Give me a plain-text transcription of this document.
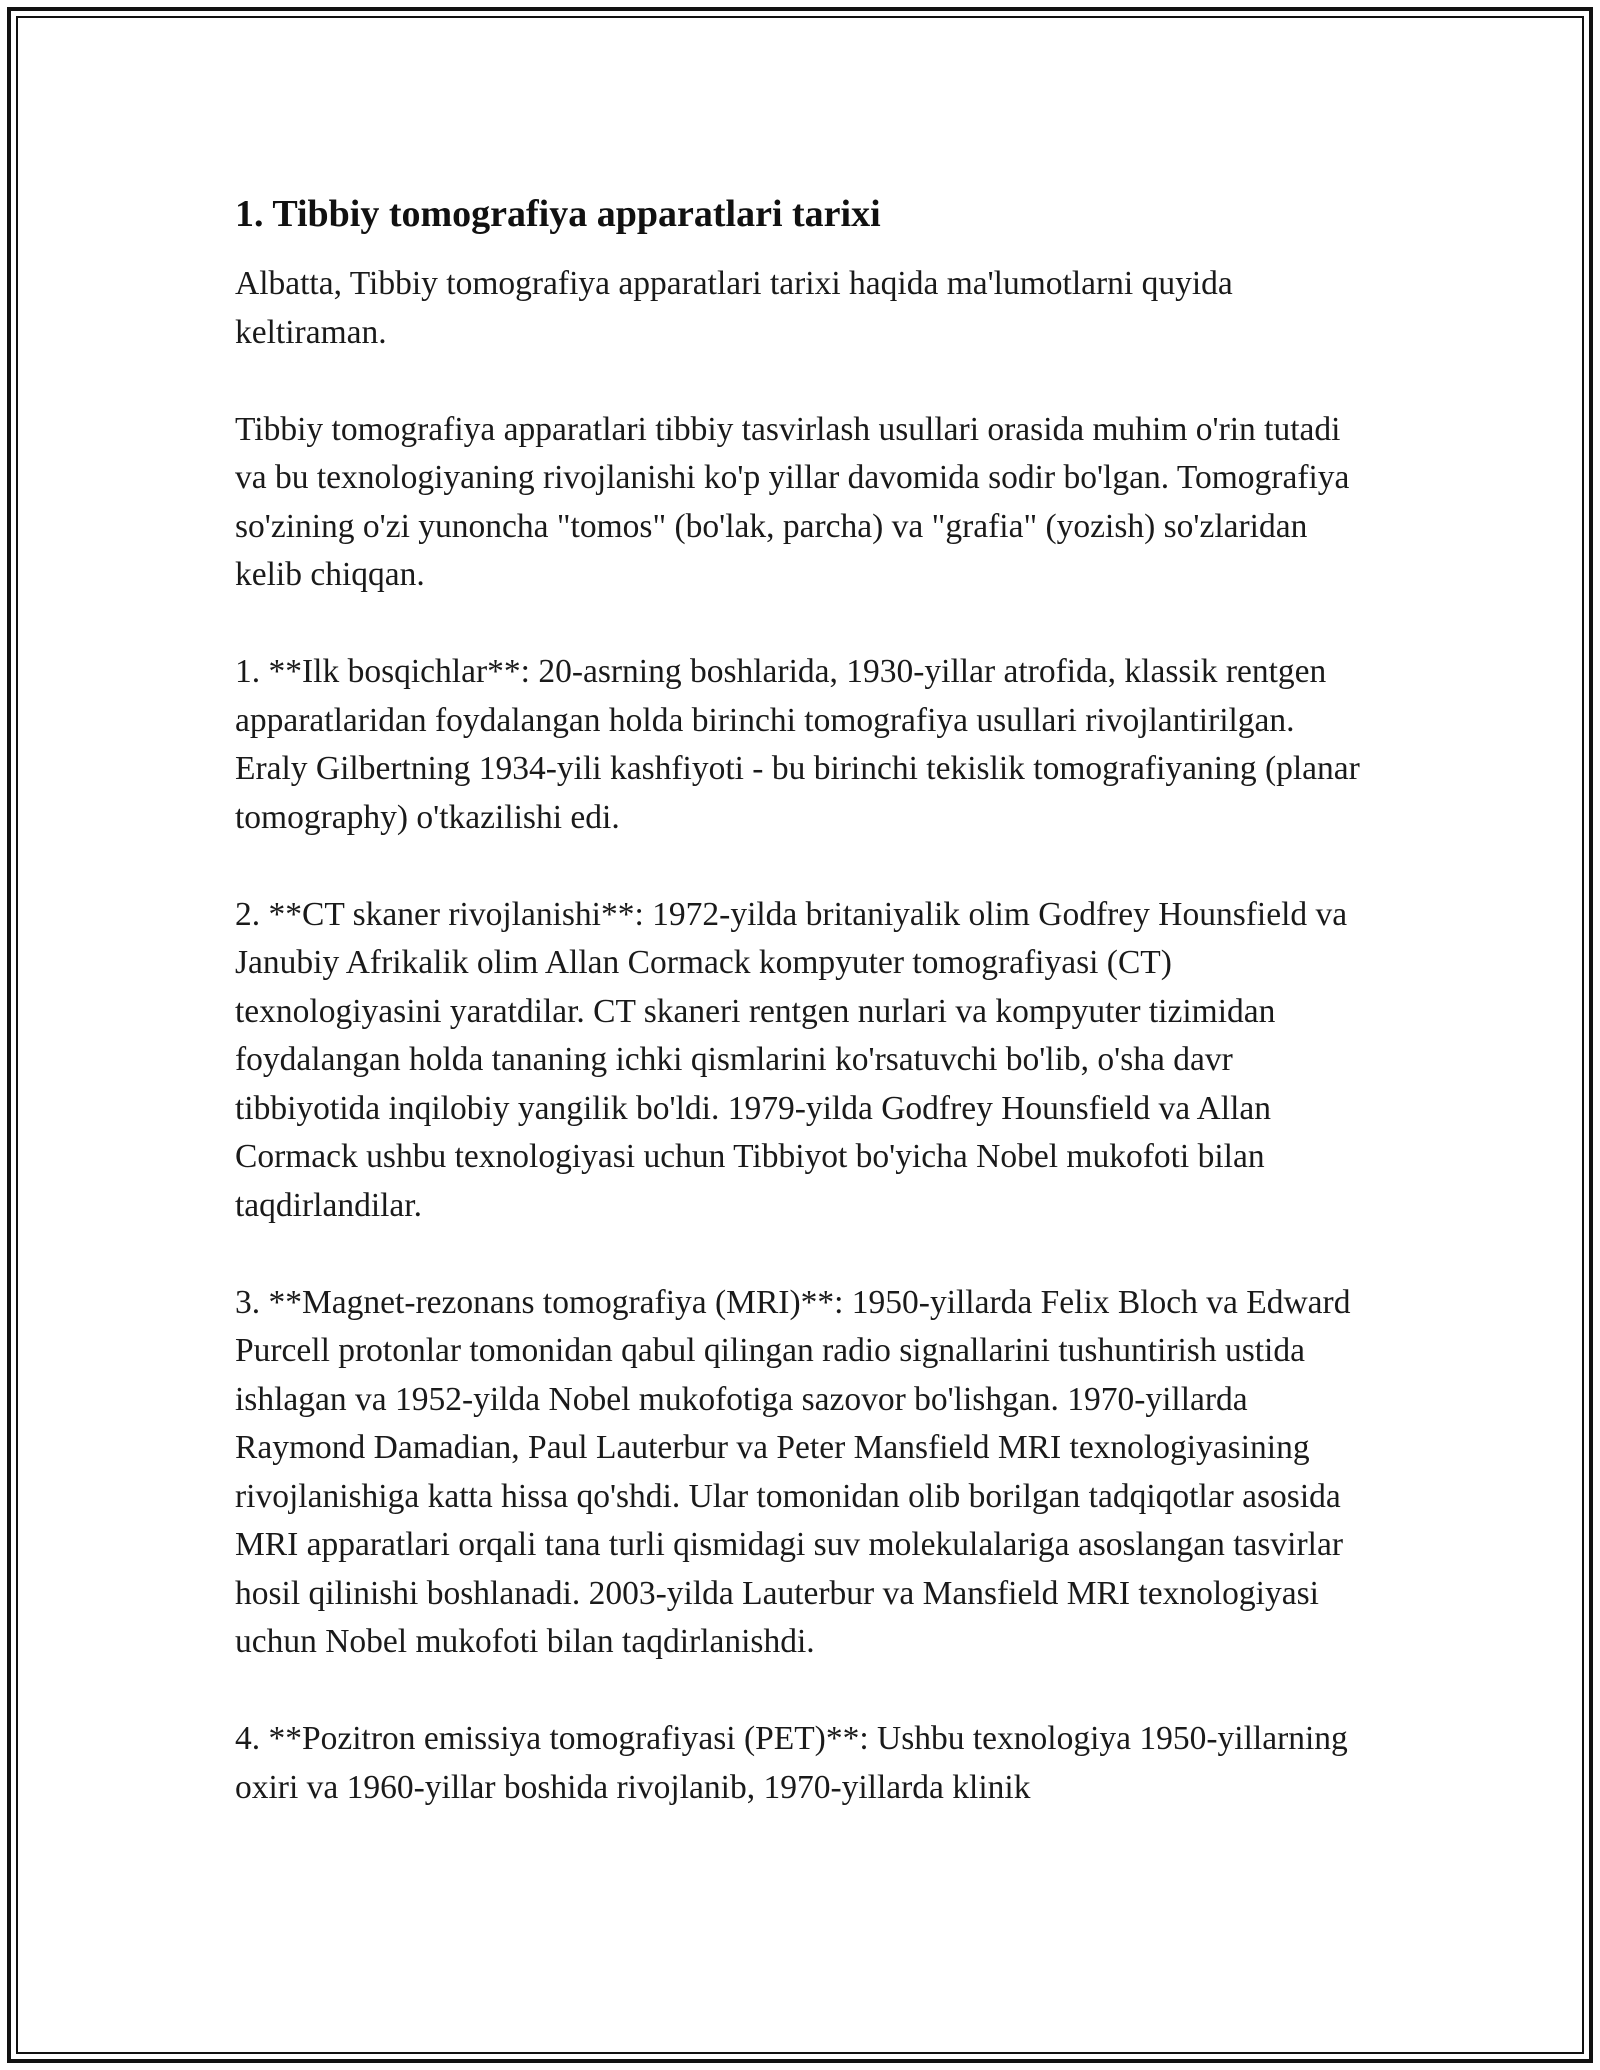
1. Tibbiy tomografiya apparatlari tarixi

Albatta, Tibbiy tomografiya apparatlari tarixi haqida ma'lumotlarni quyida keltiraman.

Tibbiy tomografiya apparatlari tibbiy tasvirlash usullari orasida muhim o'rin tutadi va bu texnologiyaning rivojlanishi ko'p yillar davomida sodir bo'lgan. Tomografiya so'zining o'zi yunoncha "tomos" (bo'lak, parcha) va "grafia" (yozish) so'zlaridan kelib chiqqan.

1. **Ilk bosqichlar**: 20-asrning boshlarida, 1930-yillar atrofida, klassik rentgen apparatlaridan foydalangan holda birinchi tomografiya usullari rivojlantirilgan. Eraly Gilbertning 1934-yili kashfiyoti - bu birinchi tekislik tomografiyaning (planar tomography) o'tkazilishi edi.

2. **CT skaner rivojlanishi**: 1972-yilda britaniyalik olim Godfrey Hounsfield va Janubiy Afrikalik olim Allan Cormack kompyuter tomografiyasi (CT) texnologiyasini yaratdilar. CT skaneri rentgen nurlari va kompyuter tizimidan foydalangan holda tananing ichki qismlarini ko'rsatuvchi bo'lib, o'sha davr tibbiyotida inqilobiy yangilik bo'ldi. 1979-yilda Godfrey Hounsfield va Allan Cormack ushbu texnologiyasi uchun Tibbiyot bo'yicha Nobel mukofoti bilan taqdirlandilar.

3. **Magnet-rezonans tomografiya (MRI)**: 1950-yillarda Felix Bloch va Edward Purcell protonlar tomonidan qabul qilingan radio signallarini tushuntirish ustida ishlagan va 1952-yilda Nobel mukofotiga sazovor bo'lishgan. 1970-yillarda Raymond Damadian, Paul Lauterbur va Peter Mansfield MRI texnologiyasining rivojlanishiga katta hissa qo'shdi. Ular tomonidan olib borilgan tadqiqotlar asosida MRI apparatlari orqali tana turli qismidagi suv molekulalariga asoslangan tasvirlar hosil qilinishi boshlanadi. 2003-yilda Lauterbur va Mansfield MRI texnologiyasi uchun Nobel mukofoti bilan taqdirlanishdi.

4. **Pozitron emissiya tomografiyasi (PET)**: Ushbu texnologiya 1950-yillarning oxiri va 1960-yillar boshida rivojlanib, 1970-yillarda klinik
